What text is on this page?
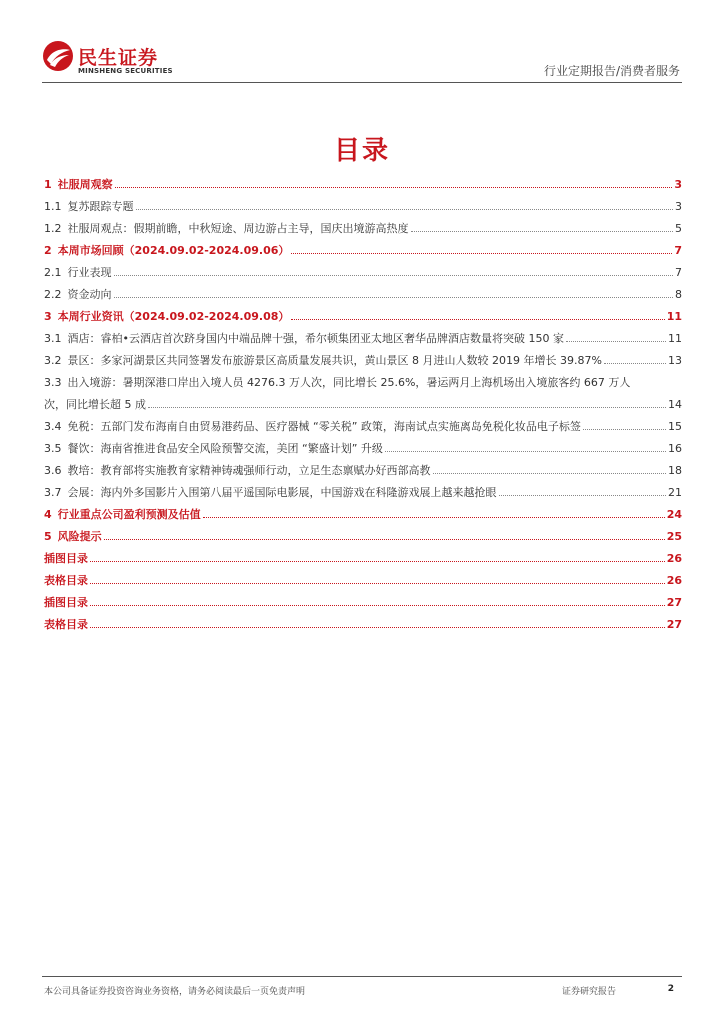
民生证券
MINSHENG SECURITIES	行业定期报告/消费者服务
目录
1 社服周观察	3
1.1 复苏跟踪专题	3
1.2 社服周观点：假期前瞻，中秋短途、周边游占主导，国庆出境游高热度	5
2 本周市场回顾（2024.09.02-2024.09.06）	7
2.1 行业表现	7
2.2 资金动向	8
3 本周行业资讯（2024.09.02-2024.09.08）	11
3.1 酒店：睿柏•云酒店首次跻身国内中端品牌十强，希尔顿集团亚太地区奢华品牌酒店数量将突破 150 家	11
3.2 景区：多家河湖景区共同签署发布旅游景区高质量发展共识，黄山景区 8 月进山人数较 2019 年增长 39.87%	13
3.3 出入境游：暑期深港口岸出入境人员 4276.3 万人次，同比增长 25.6%，暑运两月上海机场出入境旅客约 667 万人
次，同比增长超 5 成	14
3.4 免税：五部门发布海南自由贸易港药品、医疗器械 “零关税” 政策，海南试点实施离岛免税化妆品电子标签	15
3.5 餐饮：海南省推进食品安全风险预警交流，美团 “繁盛计划” 升级	16
3.6 教培：教育部将实施教育家精神铸魂强师行动，立足生态禀赋办好西部高教	18
3.7 会展：海内外多国影片入围第八届平遥国际电影展，中国游戏在科隆游戏展上越来越抢眼	21
4 行业重点公司盈利预测及估值	24
5 风险提示	25
插图目录	26
表格目录	26
插图目录	27
表格目录	27
本公司具备证券投资咨询业务资格，请务必阅读最后一页免责声明	证券研究报告	2
